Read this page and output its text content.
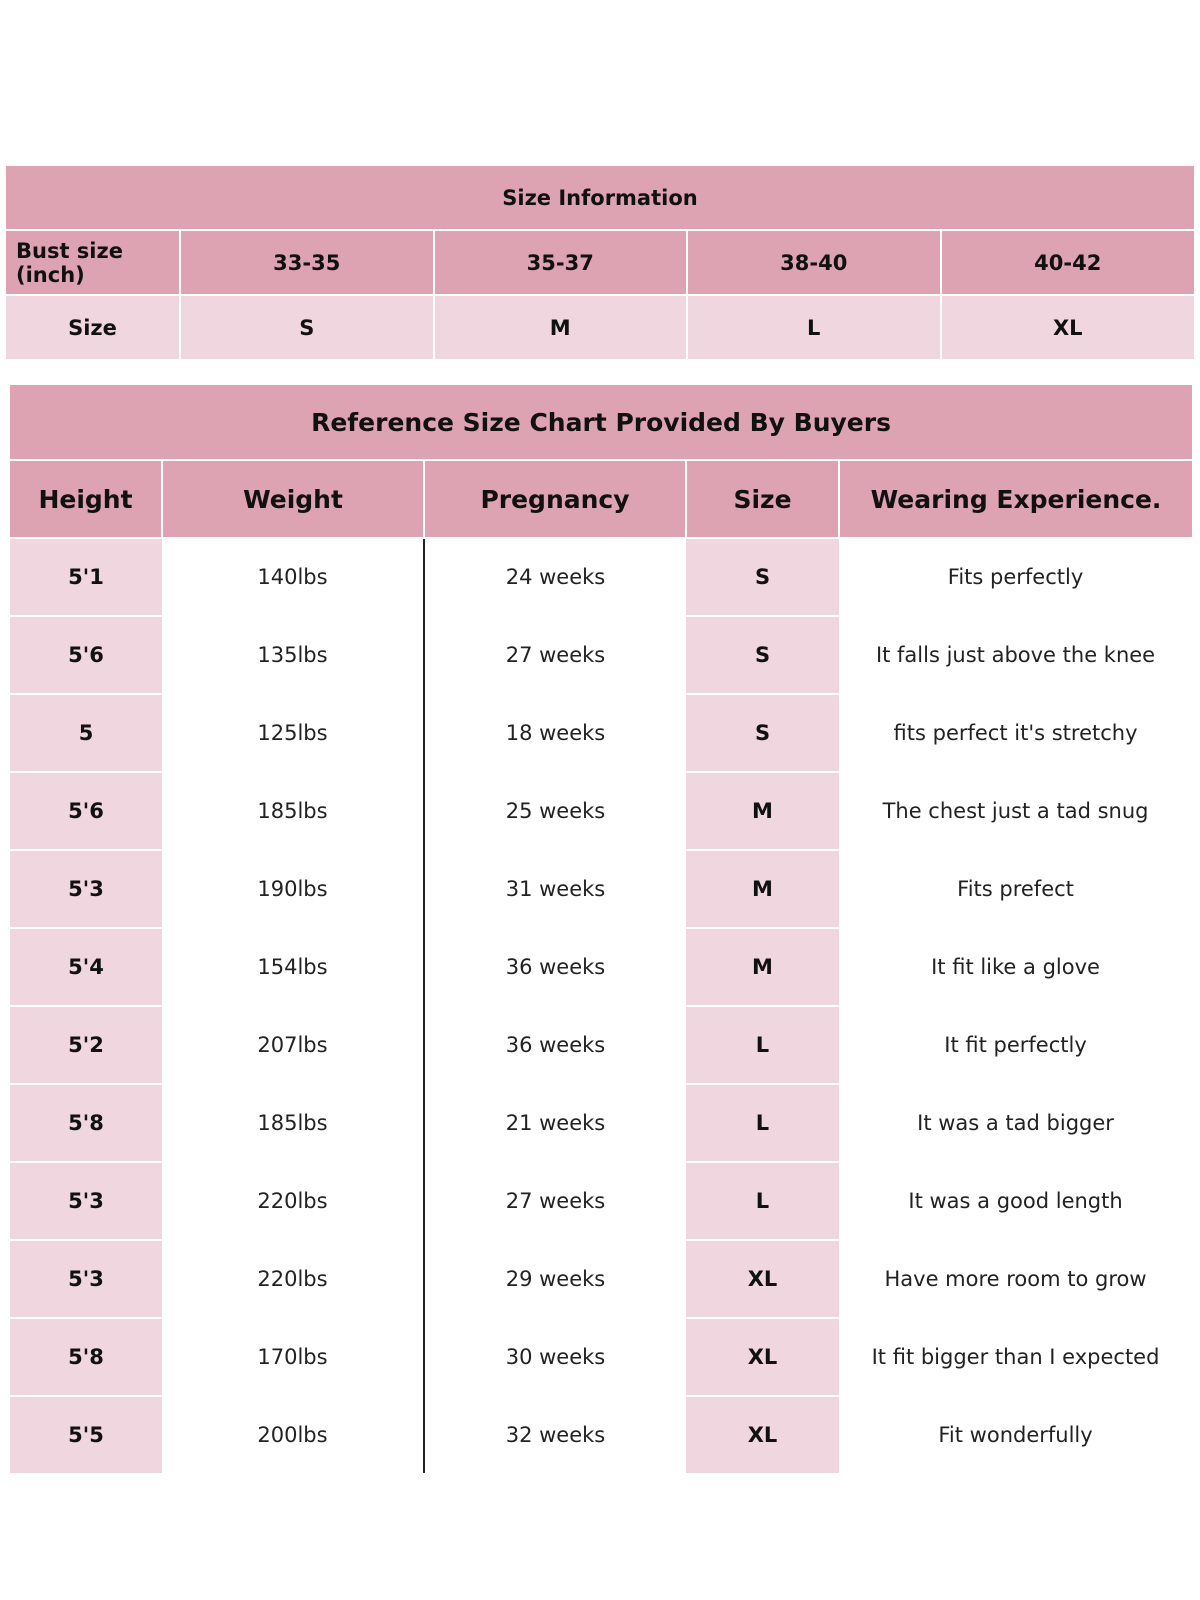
Size Information				
Bust size (inch)	33-35	35-37	38-40	40-42
Size	S	M	L	XL
Reference Size Chart Provided By Buyers				
Height	Weight	Pregnancy	Size	Wearing Experience.
5'1	140lbs	24 weeks	S	Fits perfectly
5'6	135lbs	27 weeks	S	It falls just above the knee
5	125lbs	18 weeks	S	fits perfect it's stretchy
5'6	185lbs	25 weeks	M	The chest just a tad snug
5'3	190lbs	31 weeks	M	Fits prefect
5'4	154lbs	36 weeks	M	It fit like a glove
5'2	207lbs	36 weeks	L	It fit perfectly
5'8	185lbs	21 weeks	L	It was a tad bigger
5'3	220lbs	27 weeks	L	It was a good length
5'3	220lbs	29 weeks	XL	Have more room to grow
5'8	170lbs	30 weeks	XL	It fit bigger than I expected
5'5	200lbs	32 weeks	XL	Fit wonderfully
